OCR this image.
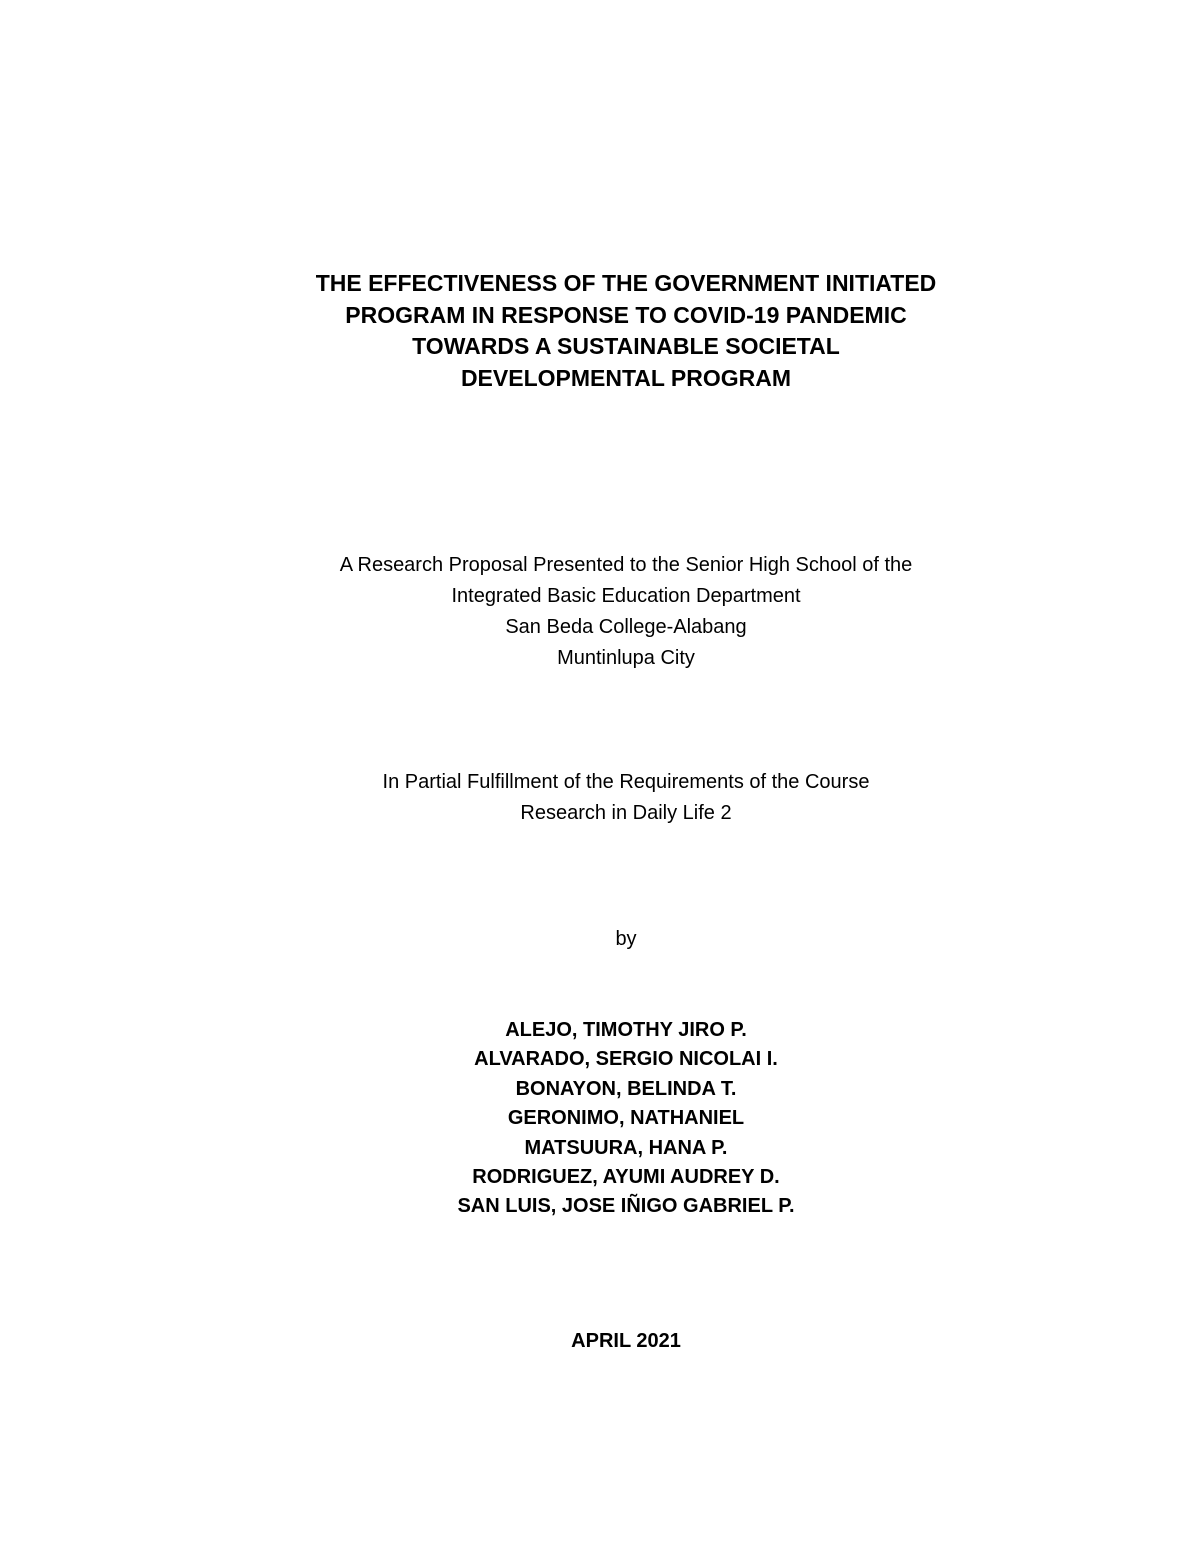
THE EFFECTIVENESS OF THE GOVERNMENT INITIATED
PROGRAM IN RESPONSE TO COVID-19 PANDEMIC
TOWARDS A SUSTAINABLE SOCIETAL
DEVELOPMENTAL PROGRAM
A Research Proposal Presented to the Senior High School of the
Integrated Basic Education Department
San Beda College-Alabang
Muntinlupa City
In Partial Fulfillment of the Requirements of the Course
Research in Daily Life 2
by
ALEJO, TIMOTHY JIRO P.
ALVARADO, SERGIO NICOLAI I.
BONAYON, BELINDA T.
GERONIMO, NATHANIEL
MATSUURA, HANA P.
RODRIGUEZ, AYUMI AUDREY D.
SAN LUIS, JOSE IÑIGO GABRIEL P.
APRIL 2021
